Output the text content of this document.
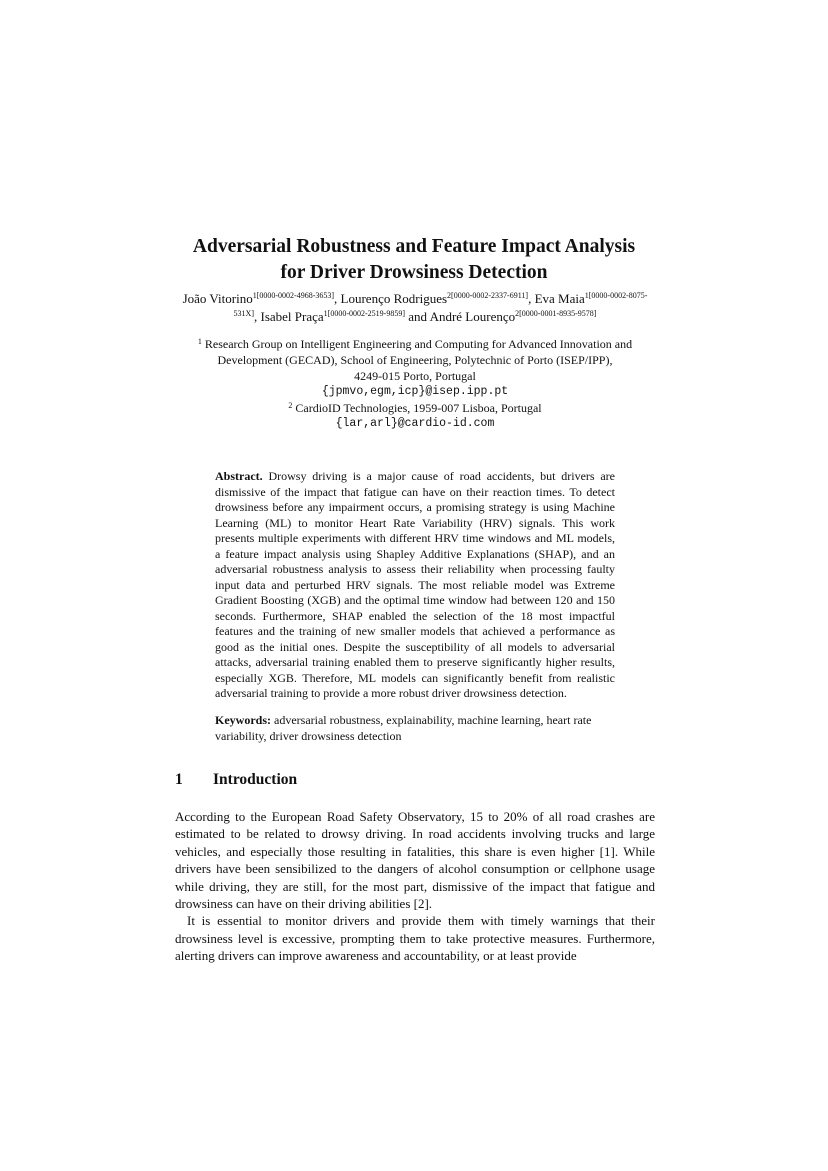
Adversarial Robustness and Feature Impact Analysis
for Driver Drowsiness Detection
João Vitorino$^{1[0000-0002-4968-3653]}$, Lourenço Rodrigues$^{2[0000-0002-2337-6911]}$, Eva Maia$^{1[0000-0002-8075-531X]}$, Isabel Praça$^{1[0000-0002-2519-9859]}$ and André Lourenço$^{2[0000-0001-8935-9578]}$
$^1$ Research Group on Intelligent Engineering and Computing for Advanced Innovation and
Development (GECAD), School of Engineering, Polytechnic of Porto (ISEP/IPP),
4249-015 Porto, Portugal
{jpmvo,egm,icp}@isep.ipp.pt
$^2$ CardioID Technologies, 1959-007 Lisboa, Portugal
{lar,arl}@cardio-id.com
Abstract. Drowsy driving is a major cause of road accidents, but drivers are dismissive of the impact that fatigue can have on their reaction times. To detect drowsiness before any impairment occurs, a promising strategy is using Machine Learning (ML) to monitor Heart Rate Variability (HRV) signals. This work presents multiple experiments with different HRV time windows and ML models, a feature impact analysis using Shapley Additive Explanations (SHAP), and an adversarial robustness analysis to assess their reliability when processing faulty input data and perturbed HRV signals. The most reliable model was Extreme Gradient Boosting (XGB) and the optimal time window had between 120 and 150 seconds. Furthermore, SHAP enabled the selection of the 18 most impactful features and the training of new smaller models that achieved a performance as good as the initial ones. Despite the susceptibility of all models to adversarial attacks, adversarial training enabled them to preserve significantly higher results, especially XGB. Therefore, ML models can significantly benefit from realistic adversarial training to provide a more robust driver drowsiness detection.
Keywords: adversarial robustness, explainability, machine learning, heart rate variability, driver drowsiness detection
1 Introduction

According to the European Road Safety Observatory, 15 to 20% of all road crashes are estimated to be related to drowsy driving. In road accidents involving trucks and large vehicles, and especially those resulting in fatalities, this share is even higher [1]. While drivers have been sensibilized to the dangers of alcohol consumption or cellphone usage while driving, they are still, for the most part, dismissive of the impact that fatigue and drowsiness can have on their driving abilities [2].

It is essential to monitor drivers and provide them with timely warnings that their drowsiness level is excessive, prompting them to take protective measures. Furthermore, alerting drivers can improve awareness and accountability, or at least provide
